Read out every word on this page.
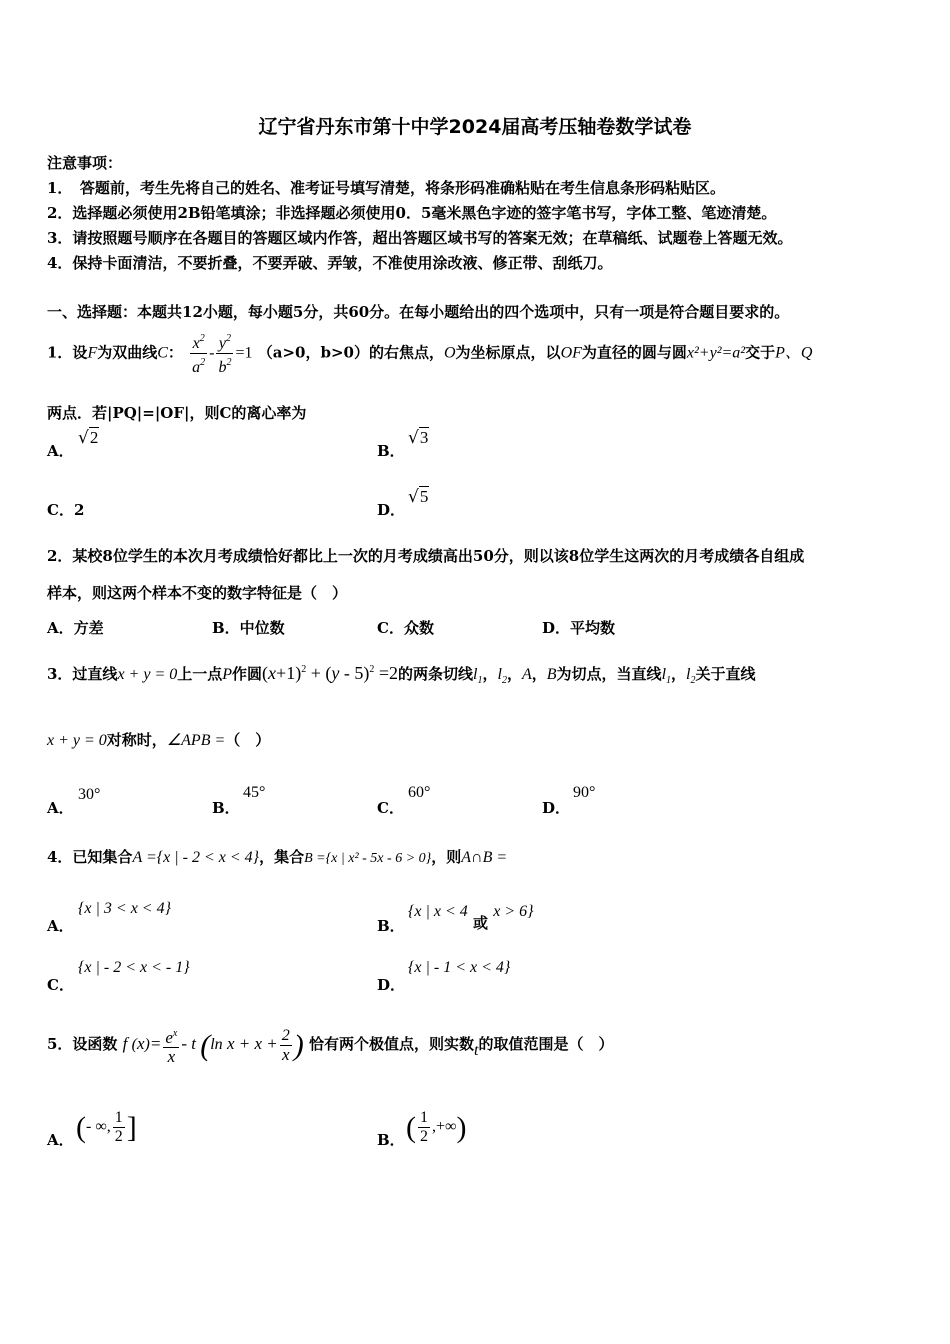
辽宁省丹东市第十中学2024届高考压轴卷数学试卷
注意事项：
1．　答题前，考生先将自己的姓名、准考证号填写清楚，将条形码准确粘贴在考生信息条形码粘贴区。
2．选择题必须使用2B铅笔填涂；非选择题必须使用0．5毫米黑色字迹的签字笔书写，字体工整、笔迹清楚。
3．请按照题号顺序在各题目的答题区域内作答，超出答题区域书写的答案无效；在草稿纸、试题卷上答题无效。
4．保持卡面清洁，不要折叠，不要弄破、弄皱，不准使用涂改液、修正带、刮纸刀。
一、选择题：本题共12小题，每小题5分，共60分。在每小题给出的四个选项中，只有一项是符合题目要求的。
1．设F为双曲线C： $\frac{x^2}{a^2} - \frac{y^2}{b^2} =1$ （a>0，b>0）的右焦点，O为坐标原点，以OF为直径的圆与圆x²+y²=a²交于P、Q
两点．若|PQ|=|OF|，则C的离心率为
A．
√2
B．
√3
C．2	D．
√5
2．某校8位学生的本次月考成绩恰好都比上一次的月考成绩高出50分，则以该8位学生这两次的月考成绩各自组成
样本，则这两个样本不变的数字特征是（　）
A．方差	B．中位数	C．众数	D．平均数
3．过直线x + y = 0上一点P作圆$(x+1)^2 + (y - 5)^2 =2$的两条切线$l_1$，$l_2$，A，B为切点，当直线$l_1$，$l_2$关于直线
x + y = 0对称时，∠APB =（　）
A．
30°
B．
45°
C．
60°
D．
90°
4．已知集合A ={x | - 2 < x < 4}，集合B ={x | x² - 5x - 6 > 0}，则A∩B =
A．
{x | 3 < x < 4}
B．
{x | x < 4 或 x > 6}
C．
{x | - 2 < x < - 1}
D．
{x | - 1 < x < 4}
5．设函数 f $(x)= \frac{e^x}{x} - t$ (ln $x + x + \frac{2}{x}$ ) 恰有两个极值点，则实数t的取值范围是（　）
A． (- ∞, $\frac{1}{2}$ ]	B． ( $\frac{1}{2}$ ,+∞)
